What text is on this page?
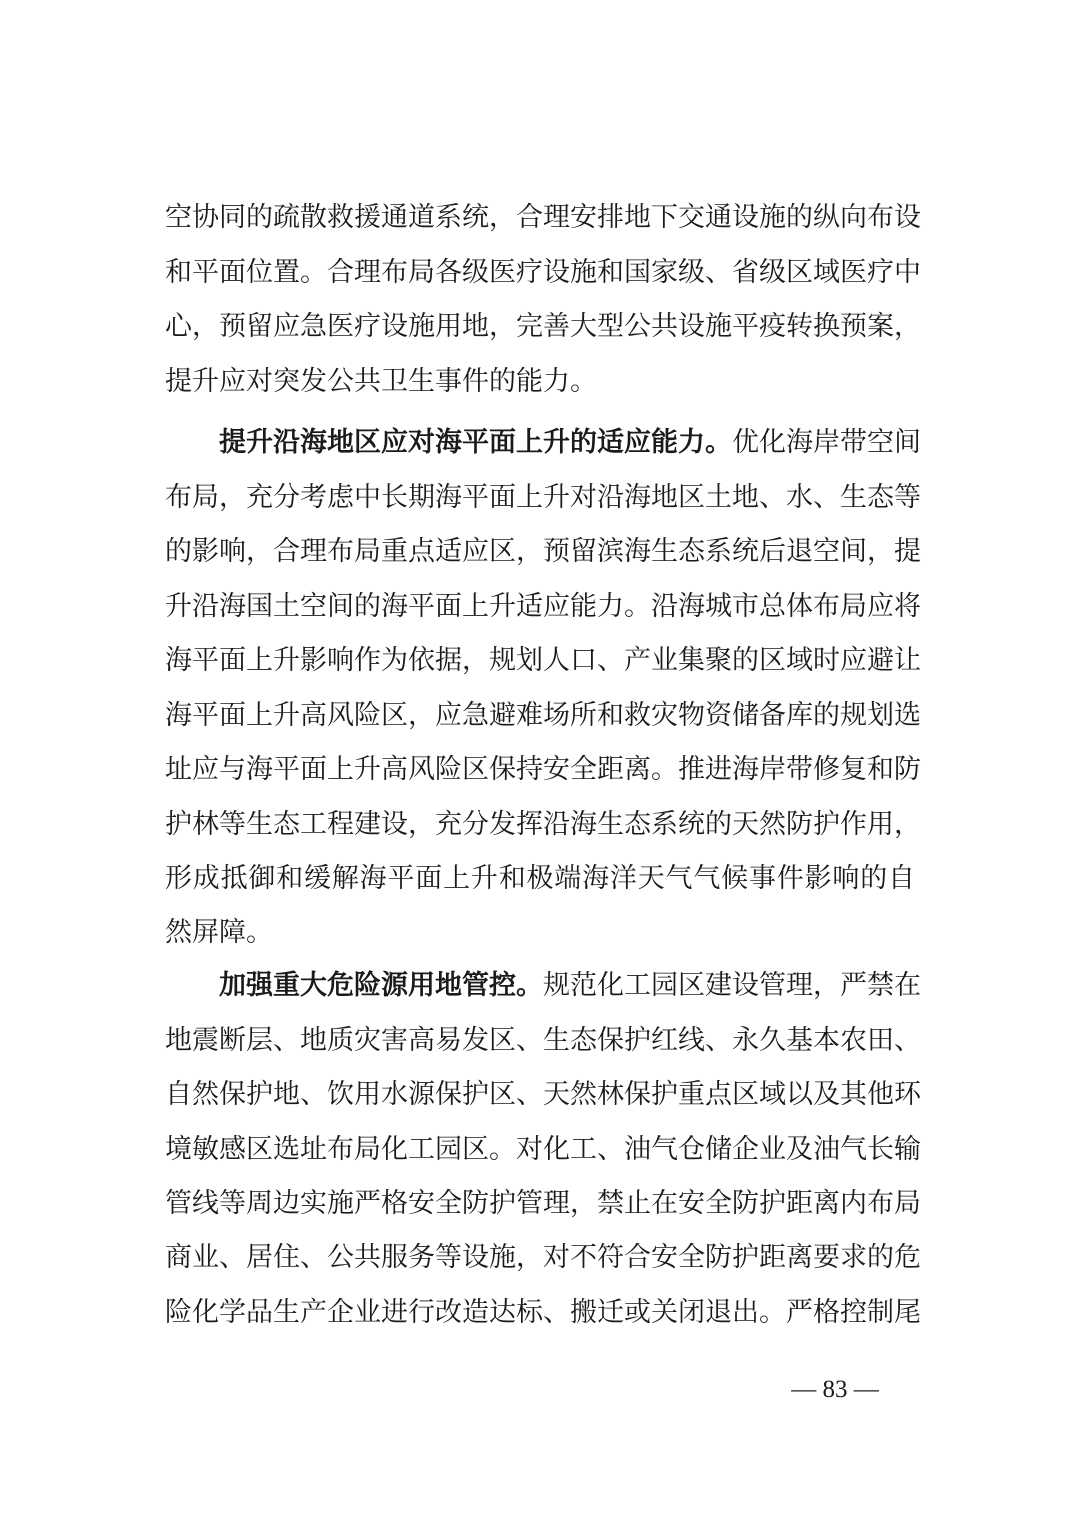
空协同的疏散救援通道系统，合理安排地下交通设施的纵向布设
和平面位置。合理布局各级医疗设施和国家级、省级区域医疗中
心，预留应急医疗设施用地，完善大型公共设施平疫转换预案，
提升应对突发公共卫生事件的能力。
提升沿海地区应对海平面上升的适应能力。优化海岸带空间
布局，充分考虑中长期海平面上升对沿海地区土地、水、生态等
的影响，合理布局重点适应区，预留滨海生态系统后退空间，提
升沿海国土空间的海平面上升适应能力。沿海城市总体布局应将
海平面上升影响作为依据，规划人口、产业集聚的区域时应避让
海平面上升高风险区，应急避难场所和救灾物资储备库的规划选
址应与海平面上升高风险区保持安全距离。推进海岸带修复和防
护林等生态工程建设，充分发挥沿海生态系统的天然防护作用，
形成抵御和缓解海平面上升和极端海洋天气气候事件影响的自
然屏障。
加强重大危险源用地管控。规范化工园区建设管理，严禁在
地震断层、地质灾害高易发区、生态保护红线、永久基本农田、
自然保护地、饮用水源保护区、天然林保护重点区域以及其他环
境敏感区选址布局化工园区。对化工、油气仓储企业及油气长输
管线等周边实施严格安全防护管理，禁止在安全防护距离内布局
商业、居住、公共服务等设施，对不符合安全防护距离要求的危
险化学品生产企业进行改造达标、搬迁或关闭退出。严格控制尾
— 83 —
